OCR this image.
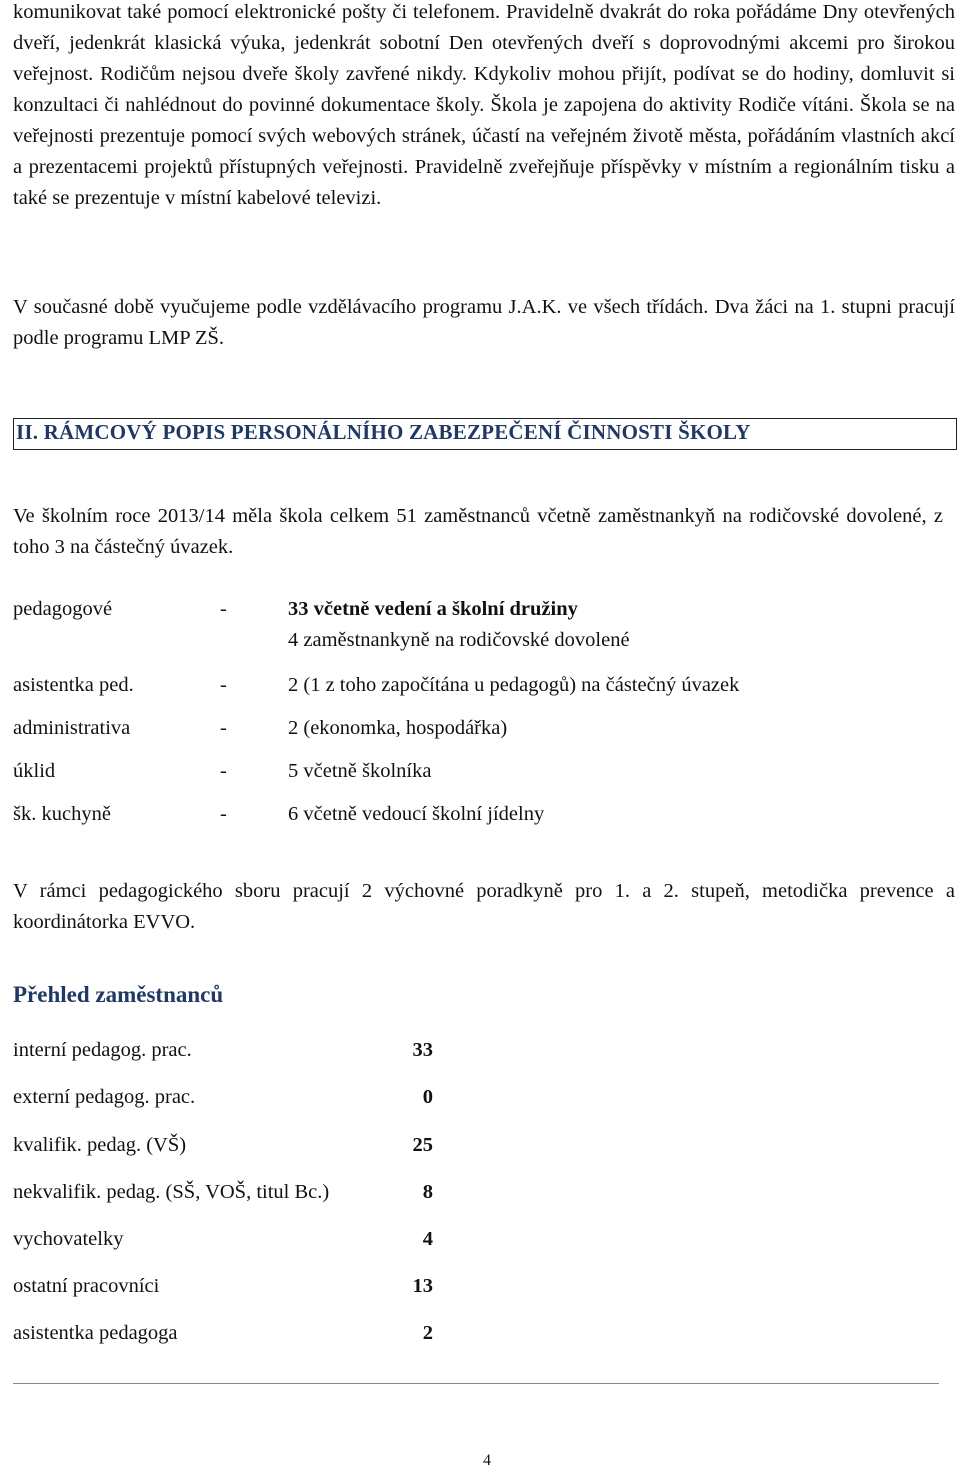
komunikovat také pomocí elektronické pošty či telefonem. Pravidelně dvakrát do roka pořádáme Dny otevřených dveří, jedenkrát klasická výuka, jedenkrát sobotní Den otevřených dveří s doprovodnými akcemi pro širokou veřejnost. Rodičům nejsou dveře školy zavřené nikdy. Kdykoliv mohou přijít, podívat se do hodiny, domluvit si konzultaci či nahlédnout do povinné dokumentace školy. Škola je zapojena do aktivity Rodiče vítáni. Škola se na veřejnosti prezentuje pomocí svých webových stránek, účastí na veřejném životě města, pořádáním vlastních akcí a prezentacemi projektů přístupných veřejnosti. Pravidelně zveřejňuje příspěvky v místním a regionálním tisku a také se prezentuje v místní kabelové televizi.

V současné době vyučujeme podle vzdělávacího programu J.A.K. ve všech třídách. Dva žáci na 1. stupni pracují podle programu LMP ZŠ.

II. RÁMCOVÝ POPIS PERSONÁLNÍHO ZABEZPEČENÍ ČINNOSTI ŠKOLY

Ve školním roce 2013/14 měla škola celkem 51 zaměstnanců včetně zaměstnankyň na rodičovské dovolené, z toho 3 na částečný úvazek.

pedagogové	-	33 včetně vedení a školní družiny
4 zaměstnankyně na rodičovské dovolené
asistentka ped.	-	2 (1 z toho započítána u pedagogů) na částečný úvazek
administrativa	-	2 (ekonomka, hospodářka)
úklid	-	5 včetně školníka
šk. kuchyně	-	6 včetně vedoucí školní jídelny

V rámci pedagogického sboru pracují 2 výchovné poradkyně pro 1. a 2. stupeň, metodička prevence a koordinátorka EVVO.

Přehled zaměstnanců
interní pedagog. prac.	33
externí pedagog. prac.	0
kvalifik. pedag. (VŠ)	25
nekvalifik. pedag. (SŠ, VOŠ, titul Bc.)	8
vychovatelky	4
ostatní pracovníci	13
asistentka pedagoga	2
4
